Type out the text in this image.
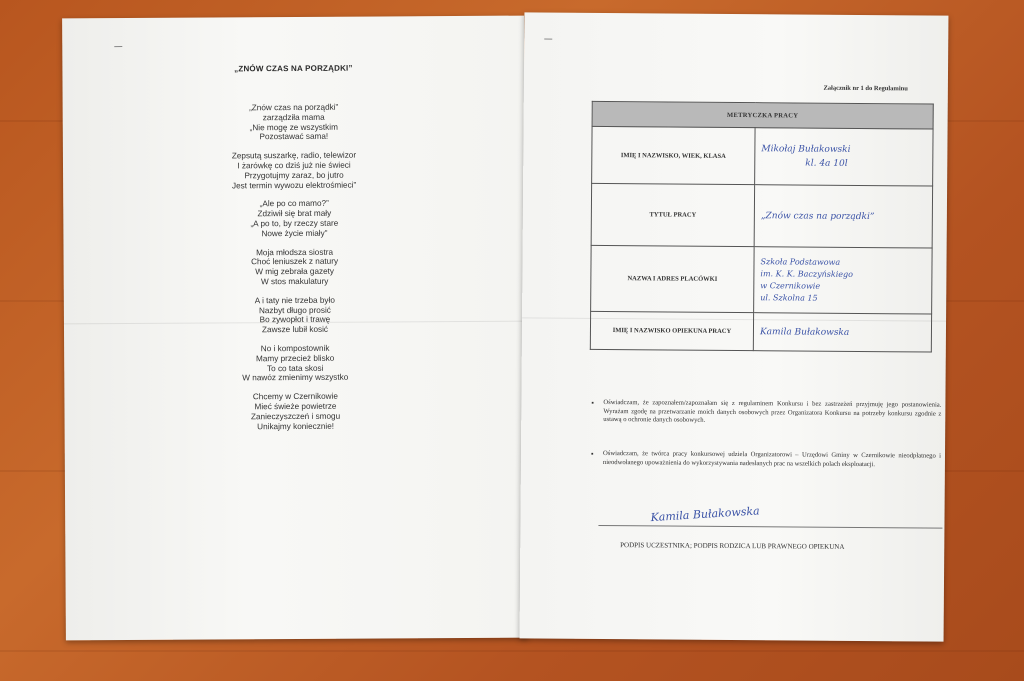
„ZNÓW CZAS NA PORZĄDKI”
„Znów czas na porządki”
zarządziła mama
„Nie mogę ze wszystkim
Pozostawać sama!
Zepsutą suszarkę, radio, telewizor
I żarówkę co dziś już nie świeci
Przygotujmy zaraz, bo jutro
Jest termin wywozu elektrośmieci”
„Ale po co mamo?”
Zdziwił się brat mały
„A po to, by rzeczy stare
Nowe życie miały”
Moja młodsza siostra
Choć leniuszek z natury
W mig zebrała gazety
W stos makulatury
A i taty nie trzeba było
Nazbyt długo prosić
Bo zywopłot i trawę
Zawsze lubił kosić
No i kompostownik
Mamy przecież blisko
To co tata skosi
W nawóz zmienimy wszystko
Chcemy w Czernikowie
Mieć świeże powietrze
Zanieczyszczeń i smogu
Unikajmy koniecznie!
Załącznik nr 1 do Regulaminu
METRYCZKA PRACY	
IMIĘ I NAZWISKO, WIEK, KLASA	Mikołaj Bułakowski
kl. 4a 10l

TYTUŁ PRACY	„Znów czas na porządki”

NAZWA I ADRES PLACÓWKI	Szkoła Podstawowa
im. K. K. Baczyńskiego
w Czernikowie
ul. Szkolna 15

IMIĘ I NAZWISKO OPIEKUNA PRACY	Kamila Bułakowska
▪ Oświadczam, że zapoznałem/zapoznałam się z regulaminem Konkursu i bez zastrzeżeń przyjmuję jego postanowienia. Wyrażam zgodę na przetwarzanie moich danych osobowych przez Organizatora Konkursu na potrzeby konkursu zgodnie z ustawą o ochronie danych osobowych.
▪ Oświadczam, że twórca pracy konkursowej udziela Organizatorowi – Urzędowi Gminy w Czernikowie nieodpłatnego i nieodwołanego upoważnienia do wykorzystywania nadesłanych prac na wszelkich polach eksploatacji.
Kamila Bułakowska
PODPIS UCZESTNIKA; PODPIS RODZICA LUB PRAWNEGO OPIEKUNA
